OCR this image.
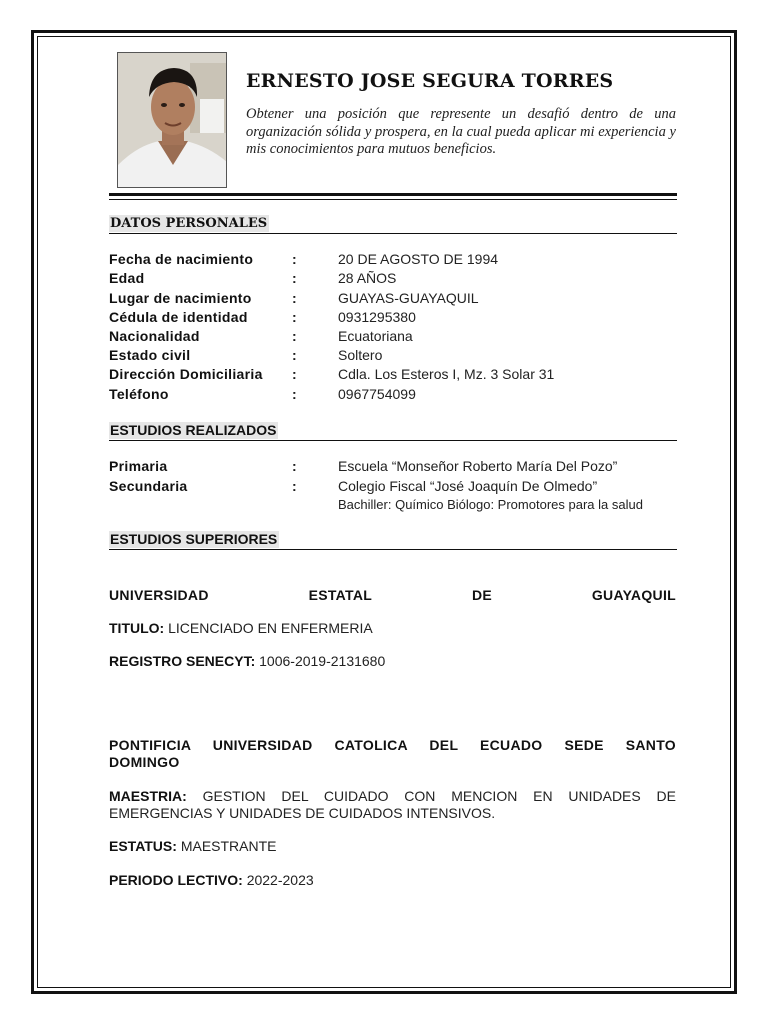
ERNESTO JOSE SEGURA TORRES
Obtener una posición que represente un desafió dentro de una organización sólida y prospera, en la cual pueda aplicar mi experiencia y mis conocimientos para mutuos beneficios.
DATOS PERSONALES
Fecha de nacimiento	:	20 DE AGOSTO DE 1994
Edad	:	28 AÑOS
Lugar de nacimiento	:	GUAYAS-GUAYAQUIL
Cédula de identidad	:	0931295380
Nacionalidad	:	Ecuatoriana
Estado civil	:	Soltero
Dirección Domiciliaria :	Cdla. Los Esteros I, Mz. 3 Solar 31
Teléfono	:	0967754099
ESTUDIOS REALIZADOS
Primaria	:	Escuela “Monseñor Roberto María Del Pozo”
Secundaria	:	Colegio Fiscal “José Joaquín De Olmedo”
Bachiller: Químico Biólogo: Promotores para la salud
ESTUDIOS SUPERIORES
UNIVERSIDAD	ESTATAL	DE	GUAYAQUIL
TITULO: LICENCIADO EN ENFERMERIA
REGISTRO SENECYT: 1006-2019-2131680
PONTIFICIA UNIVERSIDAD CATOLICA DEL ECUADO SEDE SANTO DOMINGO
MAESTRIA: GESTION DEL CUIDADO CON MENCION EN UNIDADES DE EMERGENCIAS Y UNIDADES DE CUIDADOS INTENSIVOS.
ESTATUS: MAESTRANTE
PERIODO LECTIVO: 2022-2023
